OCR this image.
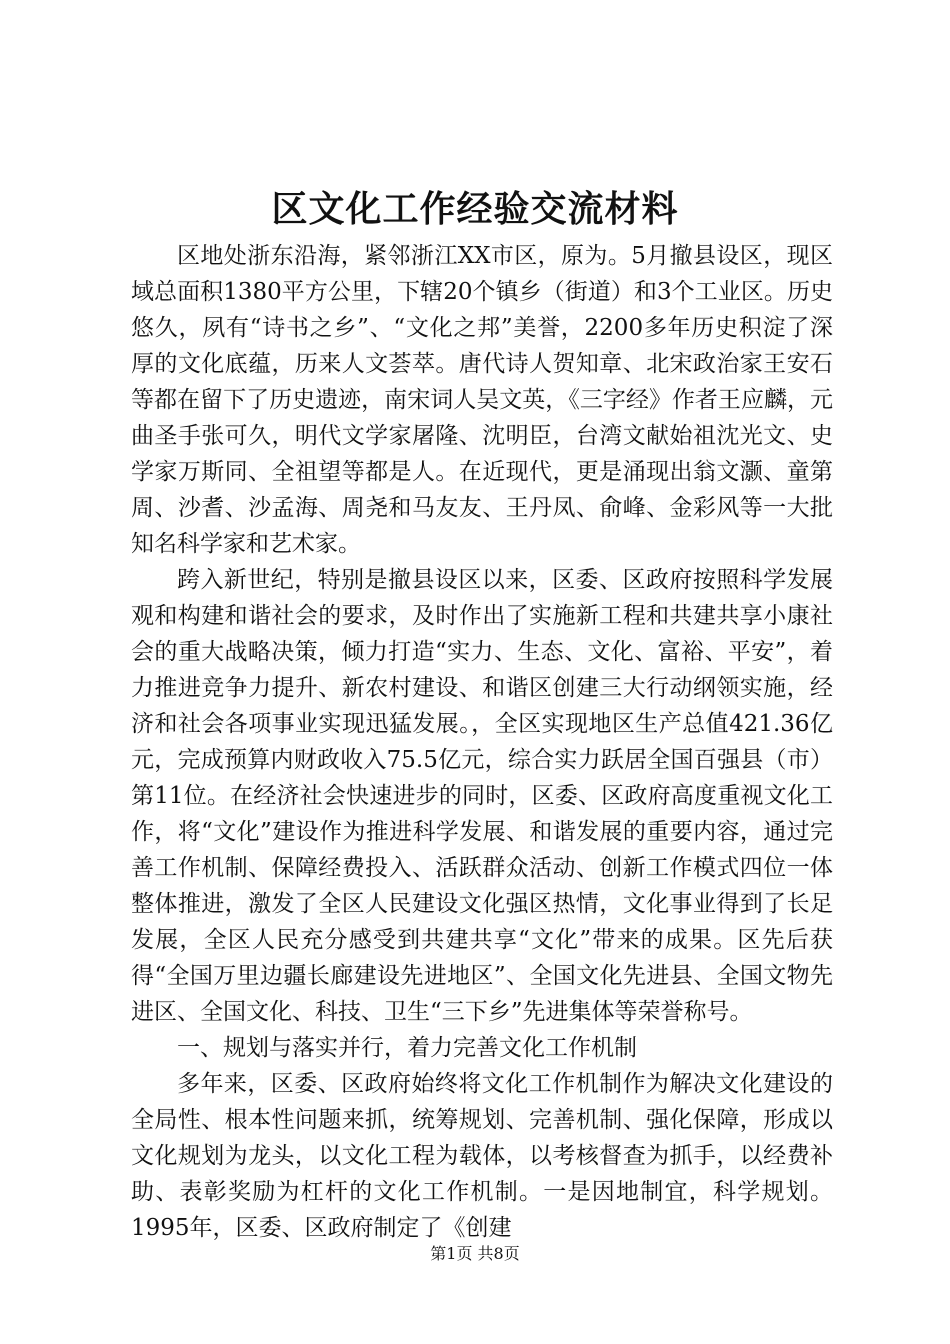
区文化工作经验交流材料

区地处浙东沿海，紧邻浙江XX市区，原为。5月撤县设区，现区域总面积1380平方公里，下辖20个镇乡（街道）和3个工业区。历史悠久，夙有“诗书之乡”、“文化之邦”美誉，2200多年历史积淀了深厚的文化底蕴，历来人文荟萃。唐代诗人贺知章、北宋政治家王安石等都在留下了历史遗迹，南宋词人吴文英，《三字经》作者王应麟，元曲圣手张可久，明代文学家屠隆、沈明臣，台湾文献始祖沈光文、史学家万斯同、全祖望等都是人。在近现代，更是涌现出翁文灏、童第周、沙耆、沙孟海、周尧和马友友、王丹凤、俞峰、金彩风等一大批知名科学家和艺术家。

跨入新世纪，特别是撤县设区以来，区委、区政府按照科学发展观和构建和谐社会的要求，及时作出了实施新工程和共建共享小康社会的重大战略决策，倾力打造“实力、生态、文化、富裕、平安”，着力推进竞争力提升、新农村建设、和谐区创建三大行动纲领实施，经济和社会各项事业实现迅猛发展。，全区实现地区生产总值421.36亿元，完成预算内财政收入75.5亿元，综合实力跃居全国百强县（市）第11位。在经济社会快速进步的同时，区委、区政府高度重视文化工作，将“文化”建设作为推进科学发展、和谐发展的重要内容，通过完善工作机制、保障经费投入、活跃群众活动、创新工作模式四位一体整体推进，激发了全区人民建设文化强区热情，文化事业得到了长足发展，全区人民充分感受到共建共享“文化”带来的成果。区先后获得“全国万里边疆长廊建设先进地区”、全国文化先进县、全国文物先进区、全国文化、科技、卫生“三下乡”先进集体等荣誉称号。

一、规划与落实并行，着力完善文化工作机制

多年来，区委、区政府始终将文化工作机制作为解决文化建设的全局性、根本性问题来抓，统筹规划、完善机制、强化保障，形成以文化规划为龙头，以文化工程为载体，以考核督查为抓手，以经费补助、表彰奖励为杠杆的文化工作机制。一是因地制宜，科学规划。1995年，区委、区政府制定了《创建

第1页 共8页
